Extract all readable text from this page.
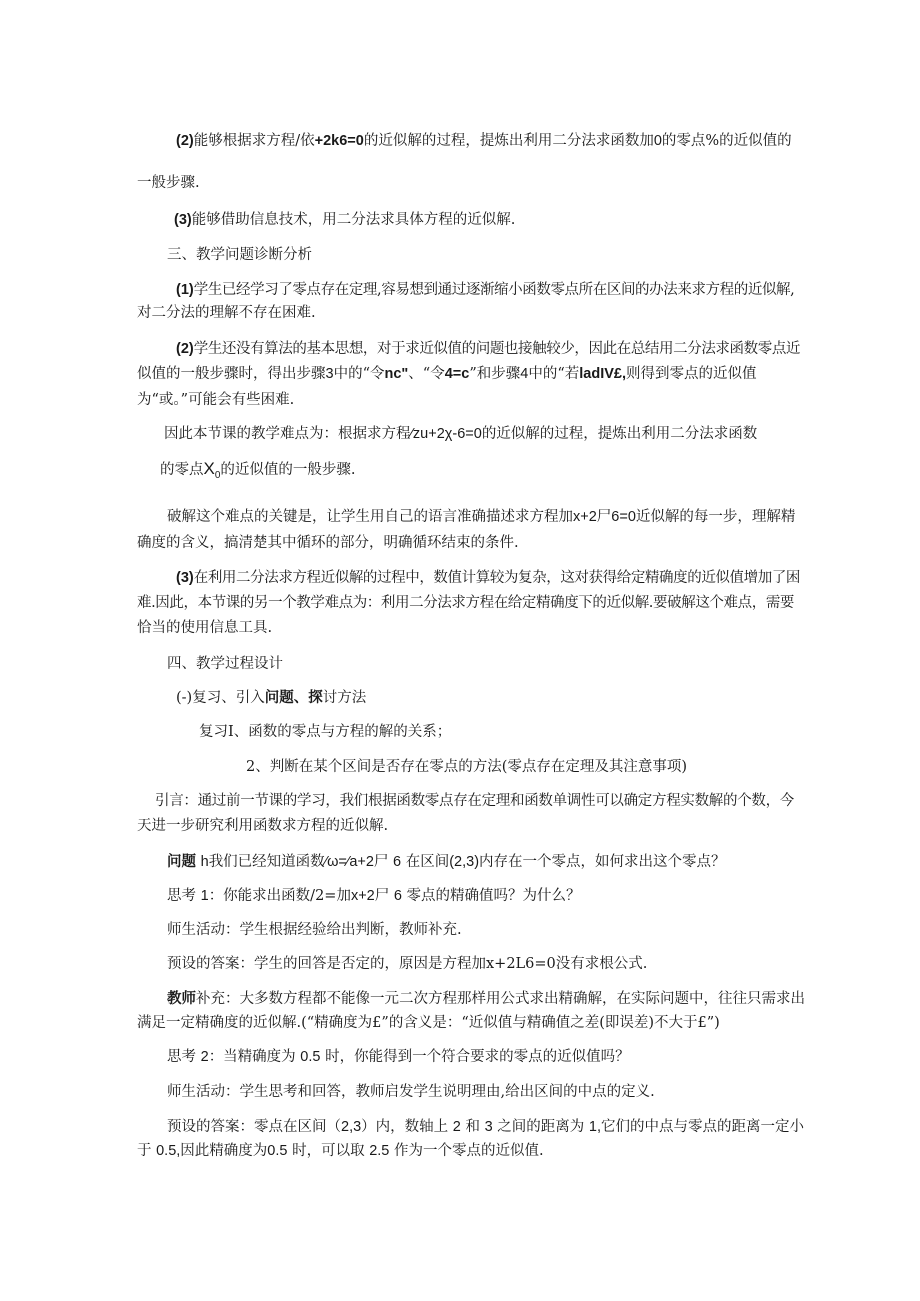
(2)能够根据求方程/依+2k6=0的近似解的过程，提炼出利用二分法求函数加0的零点%的近似值的
一般步骤.
(3)能够借助信息技术，用二分法求具体方程的近似解.
三、教学问题诊断分析
(1)学生已经学习了零点存在定理,容易想到通过逐渐缩小函数零点所在区间的办法来求方程的近似解,
对二分法的理解不存在困难.
(2)学生还没有算法的基本思想，对于求近似值的问题也接触较少，因此在总结用二分法求函数零点近
似值的一般步骤时，得出步骤3中的“令nc"、“令4=c”和步骤4中的“若ladIV£,则得到零点的近似值
为“或。”可能会有些困难.
因此本节课的教学难点为：根据求方程∕zu+2χ-6=0的近似解的过程，提炼出利用二分法求函数
的零点$X_0$的近似值的一般步骤.
破解这个难点的关键是，让学生用自己的语言准确描述求方程加x+2尸6=0近似解的每一步，理解精
确度的含义，搞清楚其中循环的部分，明确循环结束的条件.
(3)在利用二分法求方程近似解的过程中，数值计算较为复杂，这对获得给定精确度的近似值增加了困
难.因此，本节课的另一个教学难点为：利用二分法求方程在给定精确度下的近似解.要破解这个难点，需要
恰当的使用信息工具.
四、教学过程设计
(-)复习、引入问题、探讨方法
复习I、函数的零点与方程的解的关系；
2、判断在某个区间是否存在零点的方法(零点存在定理及其注意事项)
引言：通过前一节课的学习，我们根据函数零点存在定理和函数单调性可以确定方程实数解的个数，今
天进一步研究利用函数求方程的近似解.
问题 h我们已经知道函数∕ω=∕a+2尸 6 在区间(2,3)内存在一个零点，如何求出这个零点？
思考 1：你能求出函数/2=加x+2尸 6 零点的精确值吗？为什么？
师生活动：学生根据经验给出判断，教师补充.
预设的答案：学生的回答是否定的，原因是方程加x+2L6=0没有求根公式.
教师补充：大多数方程都不能像一元二次方程那样用公式求出精确解，在实际问题中，往往只需求出
满足一定精确度的近似解.(“精确度为£”的含义是：“近似值与精确值之差(即误差)不大于£”)
思考 2：当精确度为 0.5 时，你能得到一个符合要求的零点的近似值吗？
师生活动：学生思考和回答，教师启发学生说明理由,给出区间的中点的定义.
预设的答案：零点在区间（2,3）内，数轴上 2 和 3 之间的距离为 1,它们的中点与零点的距离一定小
于 0.5,因此精确度为0.5 时，可以取 2.5 作为一个零点的近似值.
